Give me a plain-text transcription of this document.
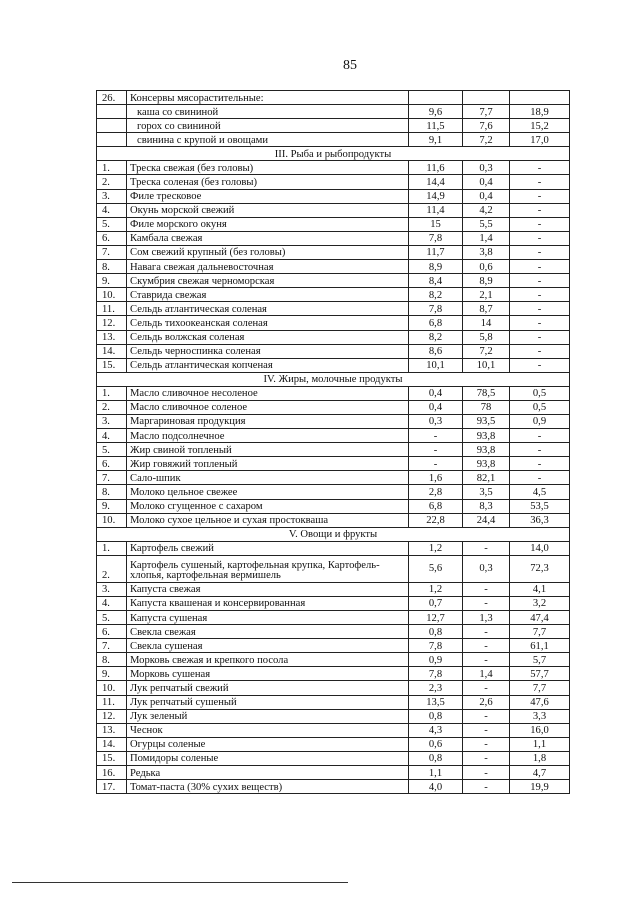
85
26.	Консервы мясорастительные:			
	каша со свининой	9,6	7,7	18,9
	горох со свининой	11,5	7,6	15,2
	свинина с крупой и овощами	9,1	7,2	17,0
III. Рыба и рыбопродукты				
1.	Треска свежая (без головы)	11,6	0,3	-
2.	Треска соленая (без головы)	14,4	0,4	-
3.	Филе тресковое	14,9	0,4	-
4.	Окунь морской свежий	11,4	4,2	-
5.	Филе морского окуня	15	5,5	-
6.	Камбала свежая	7,8	1,4	-
7.	Сом свежий крупный (без головы)	11,7	3,8	-
8.	Навага свежая дальневосточная	8,9	0,6	-
9.	Скумбрия свежая черноморская	8,4	8,9	-
10.	Ставрида свежая	8,2	2,1	-
11.	Сельдь атлантическая соленая	7,8	8,7	-
12.	Сельдь тихоокеанская соленая	6,8	14	-
13.	Сельдь волжская соленая	8,2	5,8	-
14.	Сельдь черноспинка соленая	8,6	7,2	-
15.	Сельдь атлантическая копченая	10,1	10,1	-
IV. Жиры, молочные продукты				
1.	Масло сливочное несоленое	0,4	78,5	0,5
2.	Масло сливочное соленое	0,4	78	0,5
3.	Маргариновая продукция	0,3	93,5	0,9
4.	Масло подсолнечное	-	93,8	-
5.	Жир свиной топленый	-	93,8	-
6.	Жир говяжий топленый	-	93,8	-
7.	Сало-шпик	1,6	82,1	-
8.	Молоко цельное свежее	2,8	3,5	4,5
9.	Молоко сгущенное с сахаром	6,8	8,3	53,5
10.	Молоко сухое цельное и сухая простокваша	22,8	24,4	36,3
V. Овощи и фрукты				
1.	Картофель свежий	1,2	-	14,0
2.	Картофель сушеный, картофельная крупка, Картофель-хлопья, картофельная вермишель	5,6	0,3	72,3
3.	Капуста свежая	1,2	-	4,1
4.	Капуста квашеная и консервированная	0,7	-	3,2
5.	Капуста сушеная	12,7	1,3	47,4
6.	Свекла свежая	0,8	-	7,7
7.	Свекла сушеная	7,8	-	61,1
8.	Морковь свежая и крепкого посола	0,9	-	5,7
9.	Морковь сушеная	7,8	1,4	57,7
10.	Лук репчатый свежий	2,3	-	7,7
11.	Лук репчатый сушеный	13,5	2,6	47,6
12.	Лук зеленый	0,8	-	3,3
13.	Чеснок	4,3	-	16,0
14.	Огурцы соленые	0,6	-	1,1
15.	Помидоры соленые	0,8	-	1,8
16.	Редька	1,1	-	4,7
17.	Томат-паста (30% сухих веществ)	4,0	-	19,9
